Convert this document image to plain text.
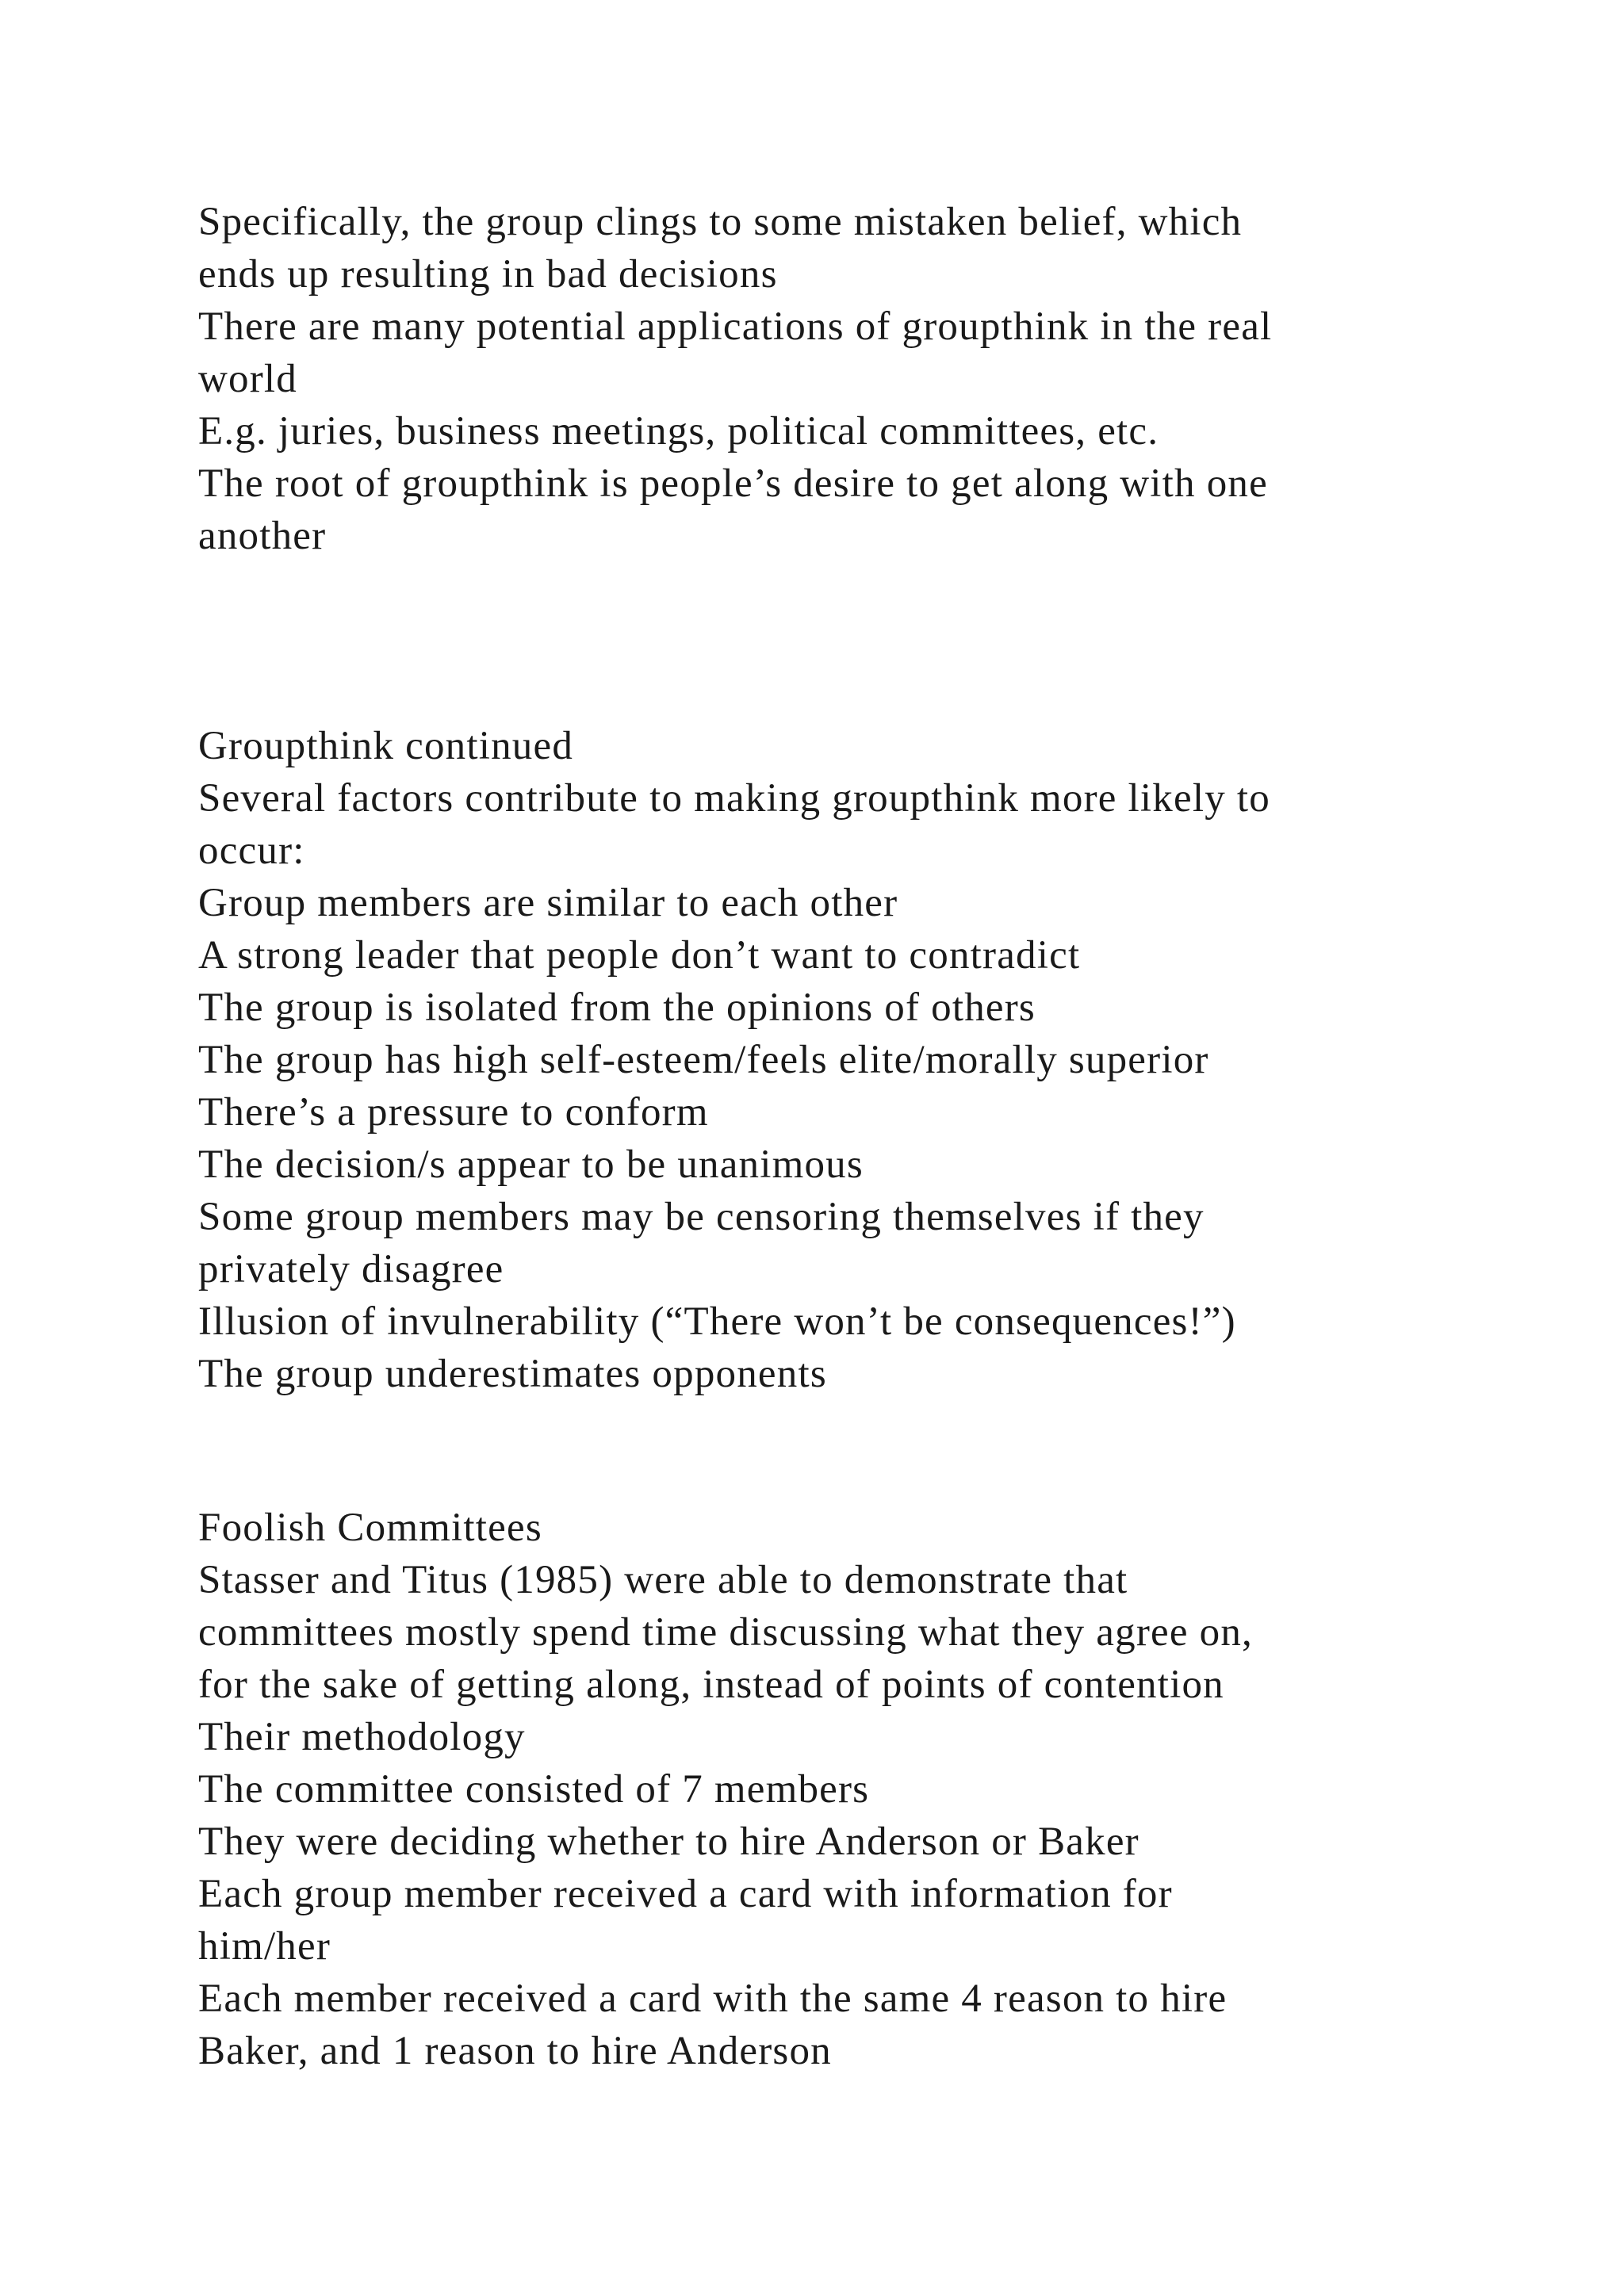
Specifically, the group clings to some mistaken belief, which
ends up resulting in bad decisions
There are many potential applications of groupthink in the real
world
E.g. juries, business meetings, political committees, etc.
The root of groupthink is people’s desire to get along with one
another
Groupthink continued
Several factors contribute to making groupthink more likely to
occur:
Group members are similar to each other
A strong leader that people don’t want to contradict
The group is isolated from the opinions of others
The group has high self-esteem/feels elite/morally superior
There’s a pressure to conform
The decision/s appear to be unanimous
Some group members may be censoring themselves if they
privately disagree
Illusion of invulnerability (“There won’t be consequences!”)
The group underestimates opponents
Foolish Committees
Stasser and Titus (1985) were able to demonstrate that
committees mostly spend time discussing what they agree on,
for the sake of getting along, instead of points of contention
Their methodology
The committee consisted of 7 members
They were deciding whether to hire Anderson or Baker
Each group member received a card with information for
him/her
Each member received a card with the same 4 reason to hire
Baker, and 1 reason to hire Anderson
